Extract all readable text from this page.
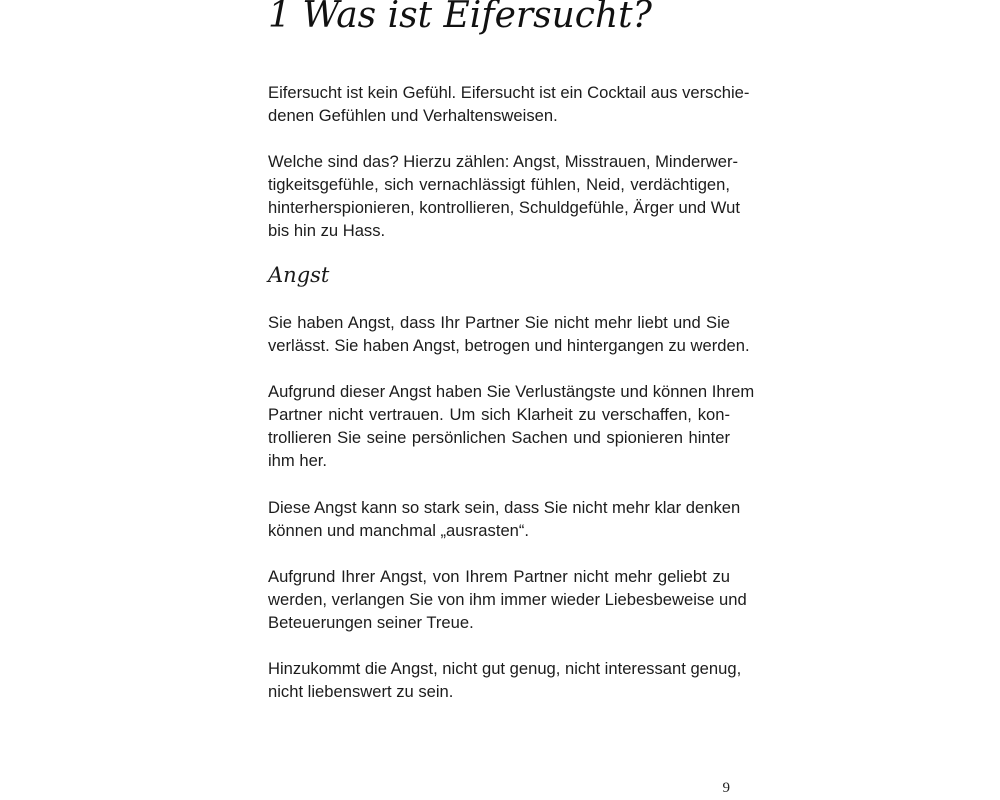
1 Was ist Eifersucht?

Eifersucht ist kein Gefühl. Eifersucht ist ein Cocktail aus verschie-
denen Gefühlen und Verhaltensweisen.

Welche sind das? Hierzu zählen: Angst, Misstrauen, Minderwer-
tigkeitsgefühle, sich vernachlässigt fühlen, Neid, verdächtigen,
hinterherspionieren, kontrollieren, Schuldgefühle, Ärger und Wut
bis hin zu Hass.

Angst

Sie haben Angst, dass Ihr Partner Sie nicht mehr liebt und Sie
verlässt. Sie haben Angst, betrogen und hintergangen zu werden.

Aufgrund dieser Angst haben Sie Verlustängste und können Ihrem
Partner nicht vertrauen. Um sich Klarheit zu verschaffen, kon-
trollieren Sie seine persönlichen Sachen und spionieren hinter
ihm her.

Diese Angst kann so stark sein, dass Sie nicht mehr klar denken
können und manchmal „ausrasten“.

Aufgrund Ihrer Angst, von Ihrem Partner nicht mehr geliebt zu
werden, verlangen Sie von ihm immer wieder Liebesbeweise und
Beteuerungen seiner Treue.

Hinzukommt die Angst, nicht gut genug, nicht interessant genug,
nicht liebenswert zu sein.

9
